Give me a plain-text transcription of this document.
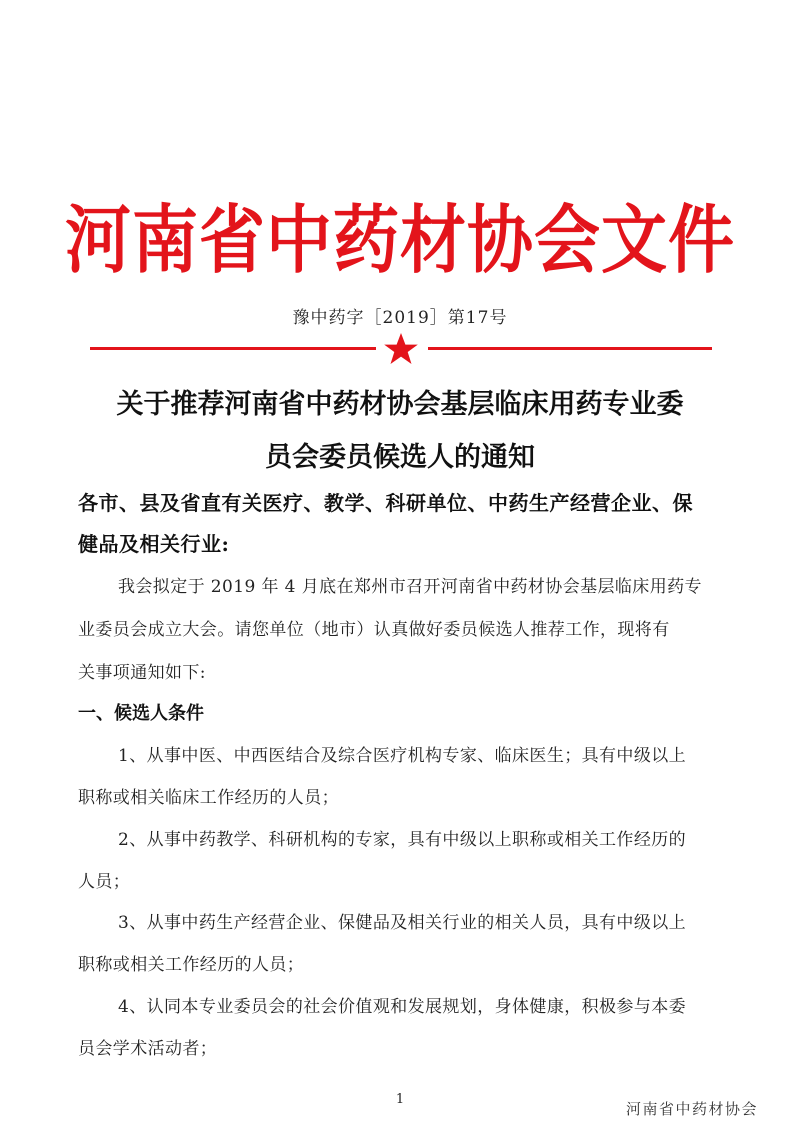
河南省中药材协会文件
豫中药字［2019］第17号
关于推荐河南省中药材协会基层临床用药专业委
员会委员候选人的通知
各市、县及省直有关医疗、教学、科研单位、中药生产经营企业、保
健品及相关行业:
我会拟定于 2019 年 4 月底在郑州市召开河南省中药材协会基层临床用药专
业委员会成立大会。请您单位（地市）认真做好委员候选人推荐工作，现将有
关事项通知如下:
一、候选人条件
1、从事中医、中西医结合及综合医疗机构专家、临床医生；具有中级以上
职称或相关临床工作经历的人员；
2、从事中药教学、科研机构的专家，具有中级以上职称或相关工作经历的
人员；
3、从事中药生产经营企业、保健品及相关行业的相关人员，具有中级以上
职称或相关工作经历的人员；
4、认同本专业委员会的社会价值观和发展规划，身体健康，积极参与本委
员会学术活动者；
1
河南省中药材协会
